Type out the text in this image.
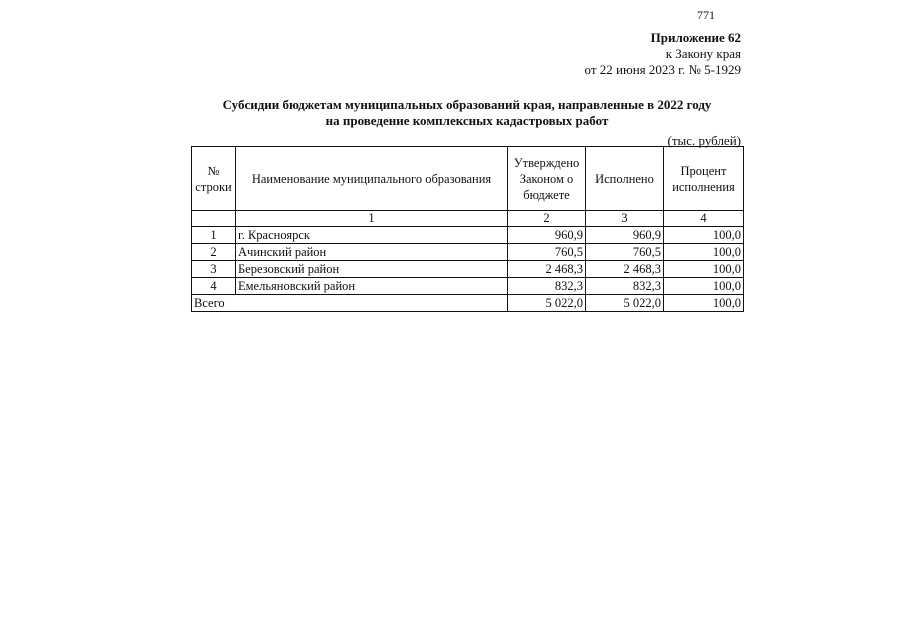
771
Приложение 62
к Закону края
от 22 июня 2023 г. № 5-1929
Субсидии бюджетам муниципальных образований края, направленные в 2022 году
на проведение комплексных кадастровых работ
(тыс. рублей)
№ строки	Наименование муниципального образования	Утверждено Законом о бюджете	Исполнено	Процент исполнения
	1	2	3	4
1	г. Красноярск	960,9	960,9	100,0
2	Ачинский район	760,5	760,5	100,0
3	Березовский район	2 468,3	2 468,3	100,0
4	Емельяновский район	832,3	832,3	100,0
Всего		5 022,0	5 022,0	100,0
